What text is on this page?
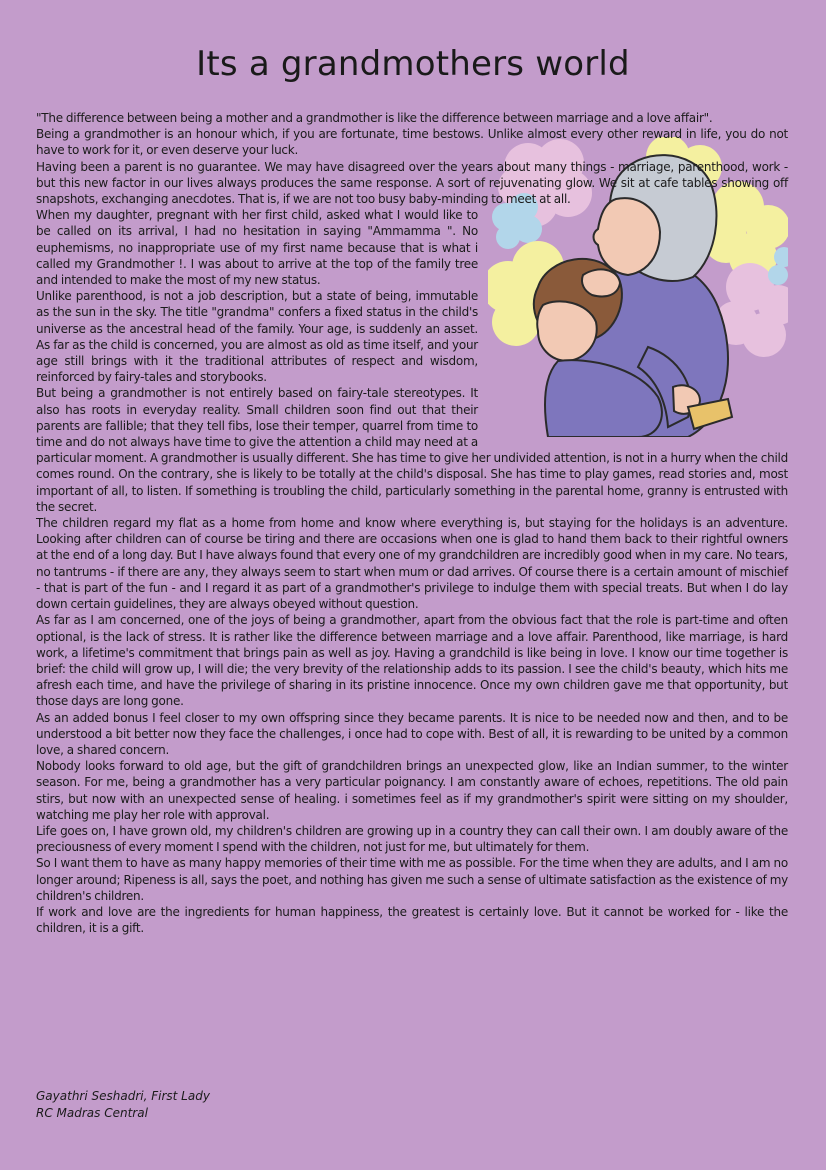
Its a grandmothers world

"The difference between being a mother and a grandmother is like the difference between marriage and a love affair".

Being a grandmother is an honour which, if you are fortunate, time bestows. Unlike almost every other reward in life, you do not have to work for it, or even deserve your luck.

Having been a parent is no guarantee. We may have disagreed over the years about many things - marriage, parenthood, work - but this new factor in our lives always produces the same response. A sort of rejuvenating glow. We sit at cafe tables showing off snapshots, exchanging anecdotes. That is, if we are not too busy baby-minding to meet at all.

When my daughter, pregnant with her first child, asked what I would like to be called on its arrival, I had no hesitation in saying "Ammamma ". No euphemisms, no inappropriate use of my first name because that is what i called my Grandmother !. I was about to arrive at the top of the family tree and intended to make the most of my new status.

Unlike parenthood, is not a job description, but a state of being, immutable as the sun in the sky. The title "grandma" confers a fixed status in the child's universe as the ancestral head of the family. Your age, is suddenly an asset. As far as the child is concerned, you are almost as old as time itself, and your age still brings with it the traditional attributes of respect and wisdom, reinforced by fairy-tales and storybooks.

But being a grandmother is not entirely based on fairy-tale stereotypes. It also has roots in everyday reality. Small children soon find out that their parents are fallible; that they tell fibs, lose their temper, quarrel from time to time and do not always have time to give the attention a child may need at a particular moment. A grandmother is usually different. She has time to give her undivided attention, is not in a hurry when the child comes round. On the contrary, she is likely to be totally at the child's disposal. She has time to play games, read stories and, most important of all, to listen. If something is troubling the child, particularly something in the parental home, granny is entrusted with the secret.

The children regard my flat as a home from home and know where everything is, but staying for the holidays is an adventure. Looking after children can of course be tiring and there are occasions when one is glad to hand them back to their rightful owners at the end of a long day. But I have always found that every one of my grandchildren are incredibly good when in my care. No tears, no tantrums - if there are any, they always seem to start when mum or dad arrives. Of course there is a certain amount of mischief - that is part of the fun - and I regard it as part of a grandmother's privilege to indulge them with special treats. But when I do lay down certain guidelines, they are always obeyed without question.

As far as I am concerned, one of the joys of being a grandmother, apart from the obvious fact that the role is part-time and often optional, is the lack of stress. It is rather like the difference between marriage and a love affair. Parenthood, like marriage, is hard work, a lifetime's commitment that brings pain as well as joy. Having a grandchild is like being in love. I know our time together is brief: the child will grow up, I will die; the very brevity of the relationship adds to its passion. I see the child's beauty, which hits me afresh each time, and have the privilege of sharing in its pristine innocence. Once my own children gave me that opportunity, but those days are long gone.

As an added bonus I feel closer to my own offspring since they became parents. It is nice to be needed now and then, and to be understood a bit better now they face the challenges, i once had to cope with. Best of all, it is rewarding to be united by a common love, a shared concern.

Nobody looks forward to old age, but the gift of grandchildren brings an unexpected glow, like an Indian summer, to the winter season. For me, being a grandmother has a very particular poignancy. I am constantly aware of echoes, repetitions. The old pain stirs, but now with an unexpected sense of healing. i sometimes feel as if my grandmother's spirit were sitting on my shoulder, watching me play her role with approval.

Life goes on, I have grown old, my children's children are growing up in a country they can call their own. I am doubly aware of the preciousness of every moment I spend with the children, not just for me, but ultimately for them.

So I want them to have as many happy memories of their time with me as possible. For the time when they are adults, and I am no longer around; Ripeness is all, says the poet, and nothing has given me such a sense of ultimate satisfaction as the existence of my children's children.

If work and love are the ingredients for human happiness, the greatest is certainly love. But it cannot be worked for - like the children, it is a gift.

Gayathri Seshadri, First Lady
RC Madras Central
